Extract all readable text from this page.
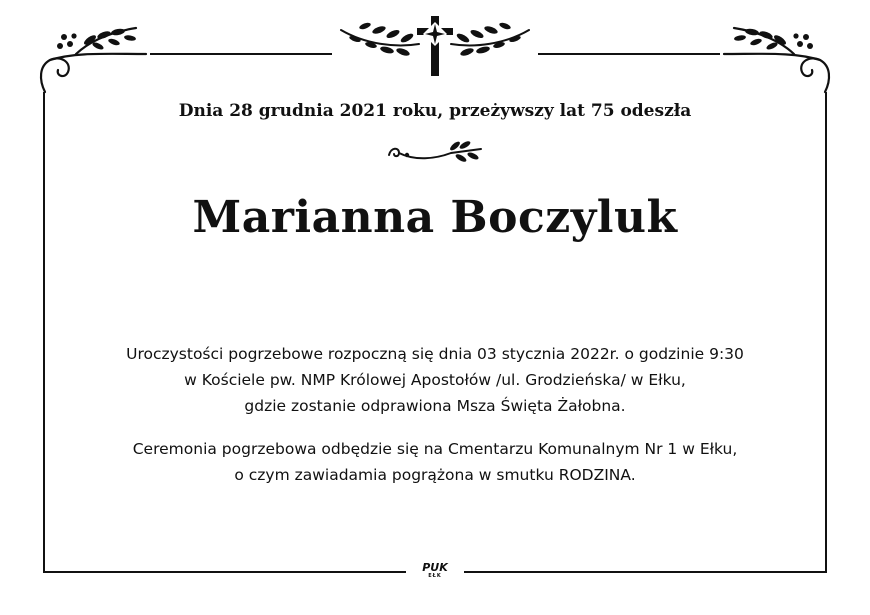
Dnia 28 grudnia 2021 roku, przeżywszy lat 75 odeszła
Marianna Boczyluk
Uroczystości pogrzebowe rozpoczną się dnia 03 stycznia 2022r. o godzinie 9:30
w Kościele pw. NMP Królowej Apostołów /ul. Grodzieńska/ w Ełku,
gdzie zostanie odprawiona Msza Święta Żałobna.
Ceremonia pogrzebowa odbędzie się na Cmentarzu Komunalnym Nr 1 w Ełku,
o czym zawiadamia pogrążona w smutku RODZINA.
PUK
EŁK
